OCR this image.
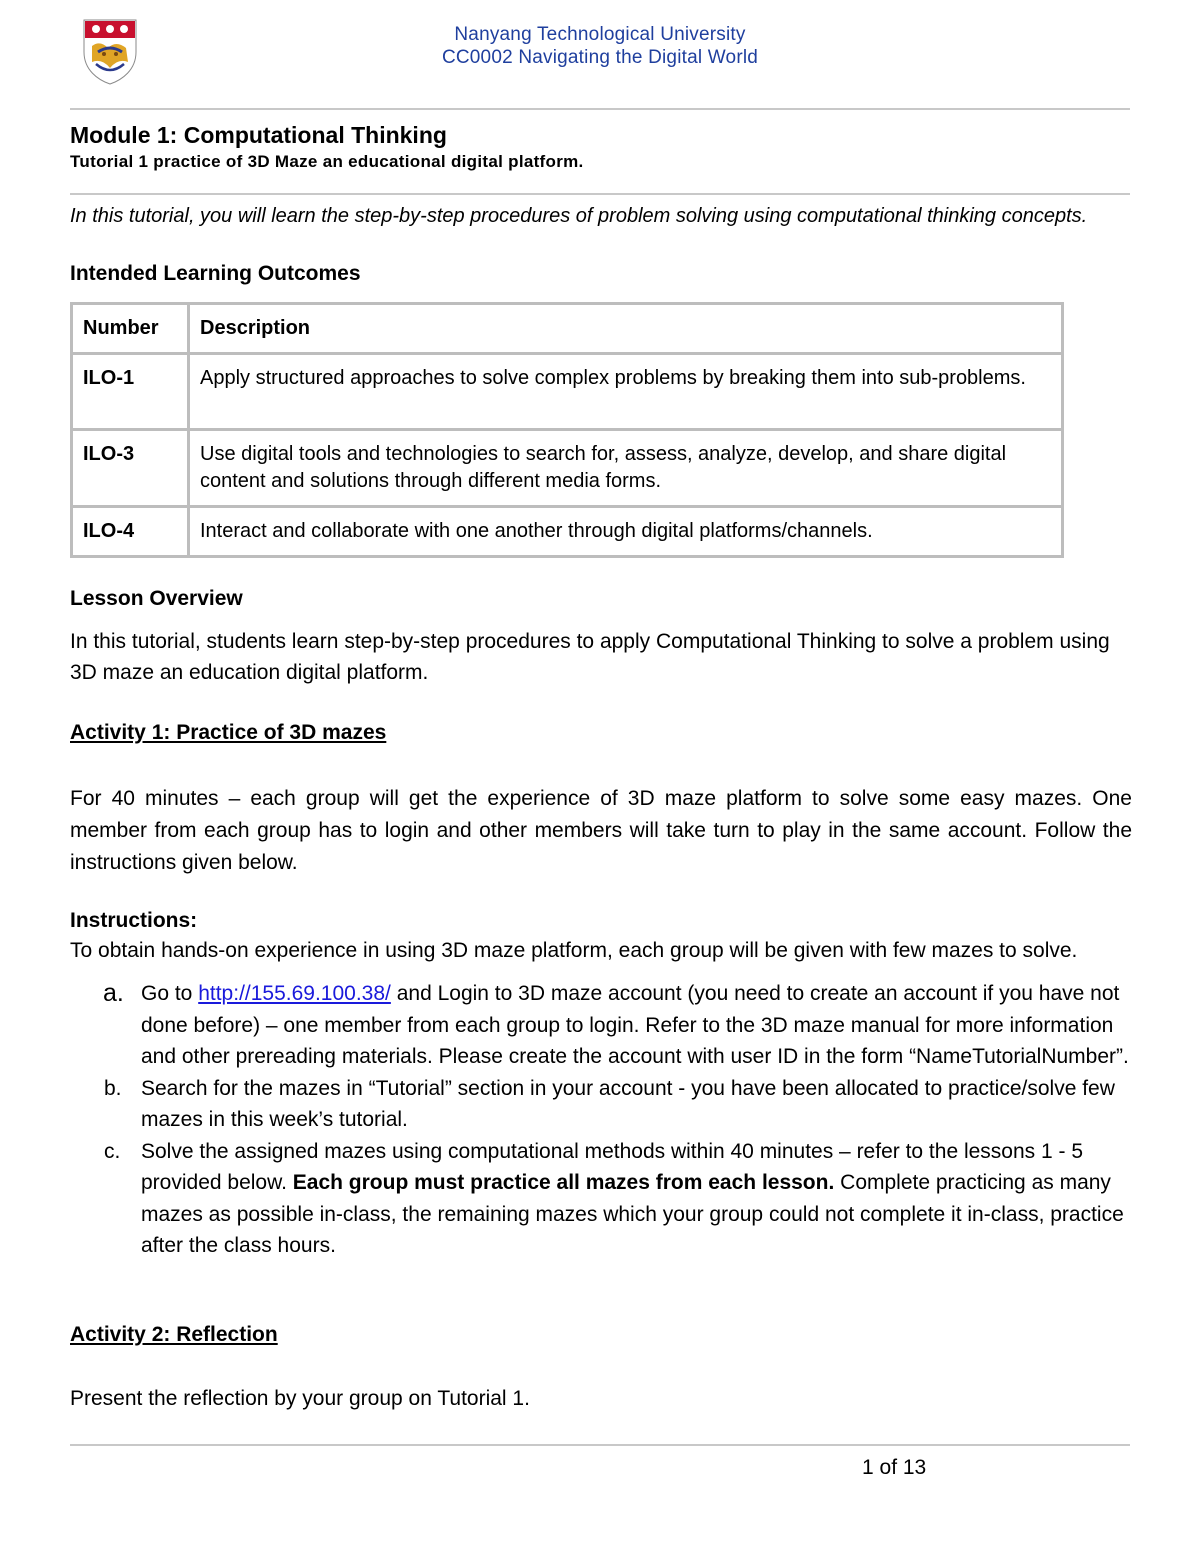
Nanyang Technological University
CC0002 Navigating the Digital World
Module 1: Computational Thinking
Tutorial 1 practice of 3D Maze an educational digital platform.
In this tutorial, you will learn the step-by-step procedures of problem solving using computational thinking concepts.
Intended Learning Outcomes
Number	Description
ILO-1	Apply structured approaches to solve complex problems by breaking them into sub-problems.
ILO-3	Use digital tools and technologies to search for, assess, analyze, develop, and share digital content and solutions through different media forms.
ILO-4	Interact and collaborate with one another through digital platforms/channels.
Lesson Overview
In this tutorial, students learn step-by-step procedures to apply Computational Thinking to solve a problem using 3D maze an education digital platform.
Activity 1: Practice of 3D mazes
For 40 minutes – each group will get the experience of 3D maze platform to solve some easy mazes. One member from each group has to login and other members will take turn to play in the same account. Follow the instructions given below.
Instructions:
To obtain hands-on experience in using 3D maze platform, each group will be given with few mazes to solve.
a. Go to http://155.69.100.38/ and Login to 3D maze account (you need to create an account if you have not done before) – one member from each group to login. Refer to the 3D maze manual for more information and other prereading materials. Please create the account with user ID in the form “NameTutorialNumber”.
b. Search for the mazes in “Tutorial” section in your account - you have been allocated to practice/solve few mazes in this week’s tutorial.
c. Solve the assigned mazes using computational methods within 40 minutes – refer to the lessons 1 - 5 provided below. Each group must practice all mazes from each lesson. Complete practicing as many mazes as possible in-class, the remaining mazes which your group could not complete it in-class, practice after the class hours.
Activity 2: Reflection
Present the reflection by your group on Tutorial 1.
1 of 13
